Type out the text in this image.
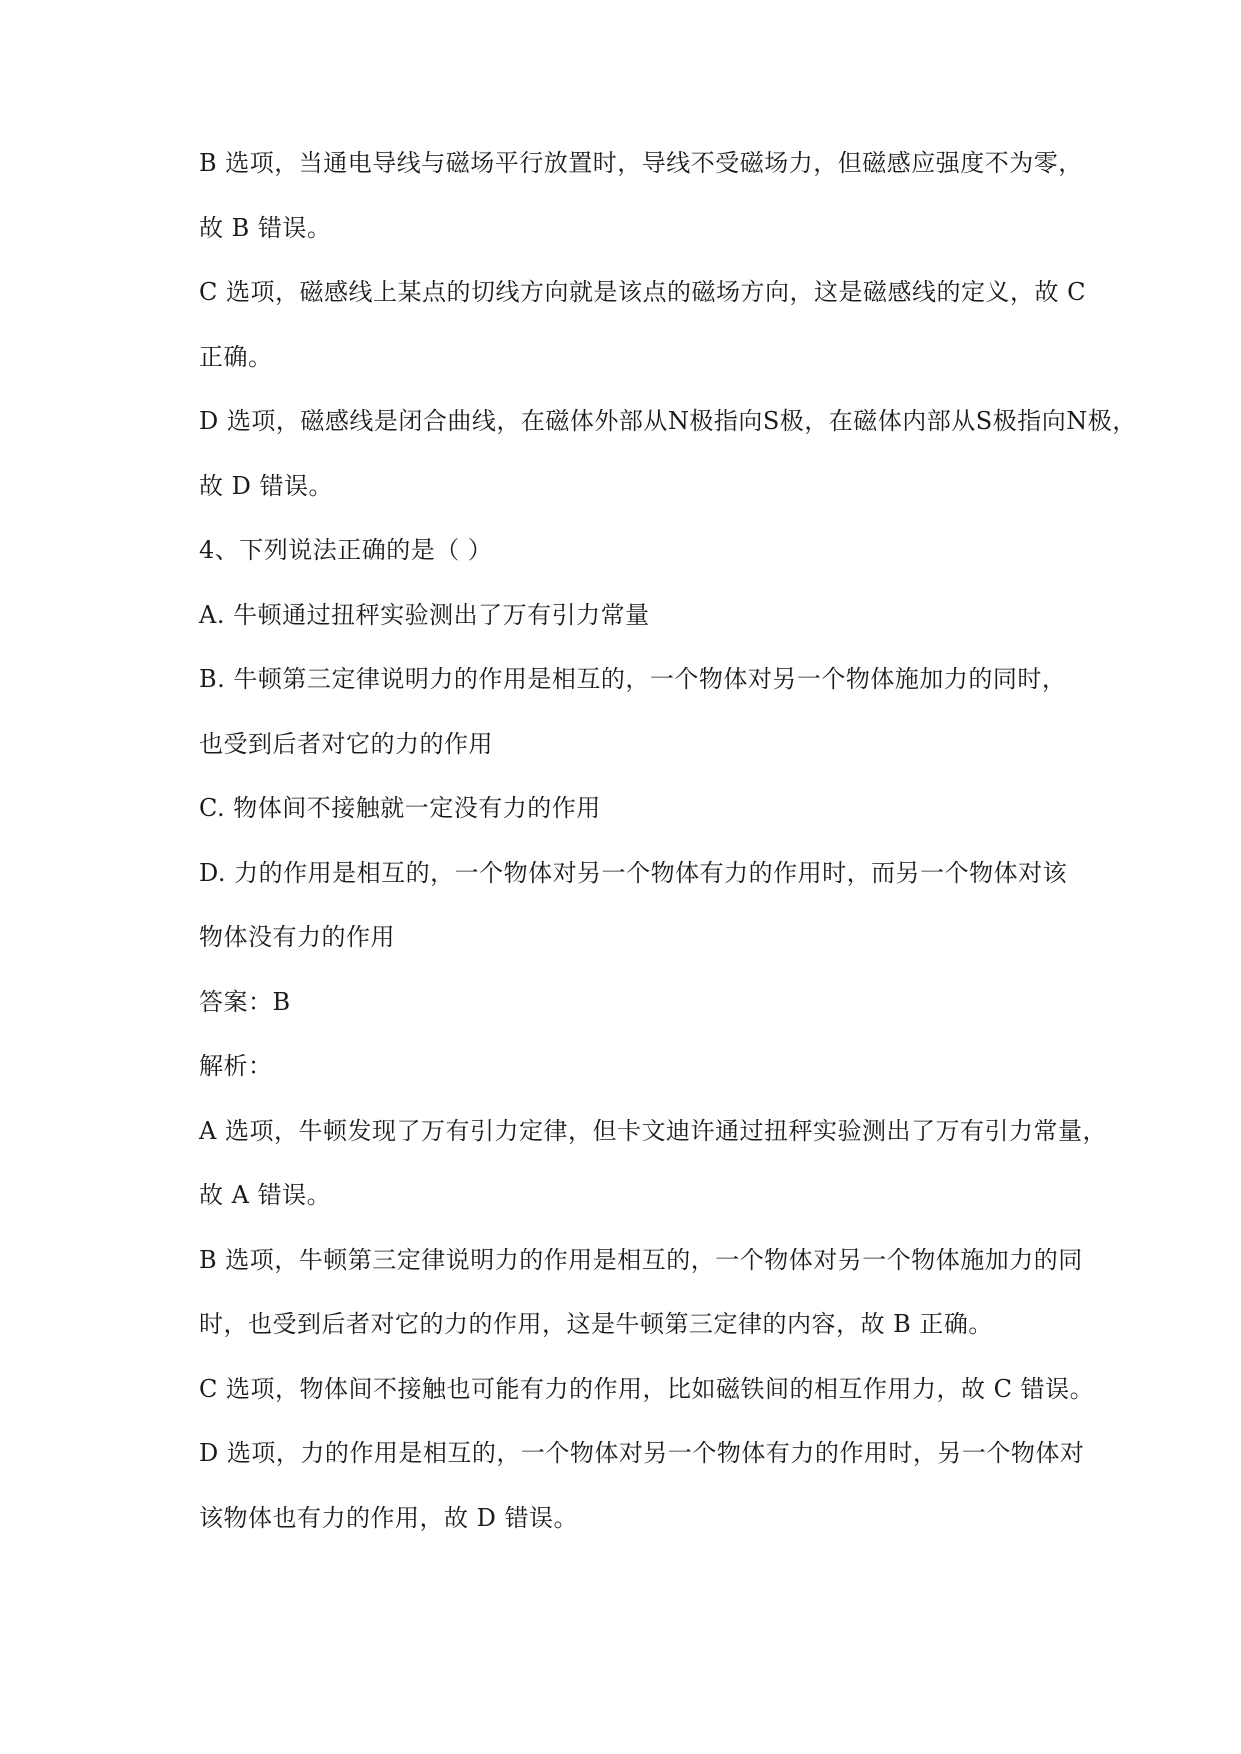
B 选项，当通电导线与磁场平行放置时，导线不受磁场力，但磁感应强度不为零，
故 B 错误。
C 选项，磁感线上某点的切线方向就是该点的磁场方向，这是磁感线的定义，故 C
正确。
D 选项，磁感线是闭合曲线，在磁体外部从N极指向S极，在磁体内部从S极指向N极，
故 D 错误。
4、下列说法正确的是（ ）
A. 牛顿通过扭秤实验测出了万有引力常量
B. 牛顿第三定律说明力的作用是相互的，一个物体对另一个物体施加力的同时，
也受到后者对它的力的作用
C. 物体间不接触就一定没有力的作用
D. 力的作用是相互的，一个物体对另一个物体有力的作用时，而另一个物体对该
物体没有力的作用
答案：B
解析：
A 选项，牛顿发现了万有引力定律，但卡文迪许通过扭秤实验测出了万有引力常量，
故 A 错误。
B 选项，牛顿第三定律说明力的作用是相互的，一个物体对另一个物体施加力的同
时，也受到后者对它的力的作用，这是牛顿第三定律的内容，故 B 正确。
C 选项，物体间不接触也可能有力的作用，比如磁铁间的相互作用力，故 C 错误。
D 选项，力的作用是相互的，一个物体对另一个物体有力的作用时，另一个物体对
该物体也有力的作用，故 D 错误。
